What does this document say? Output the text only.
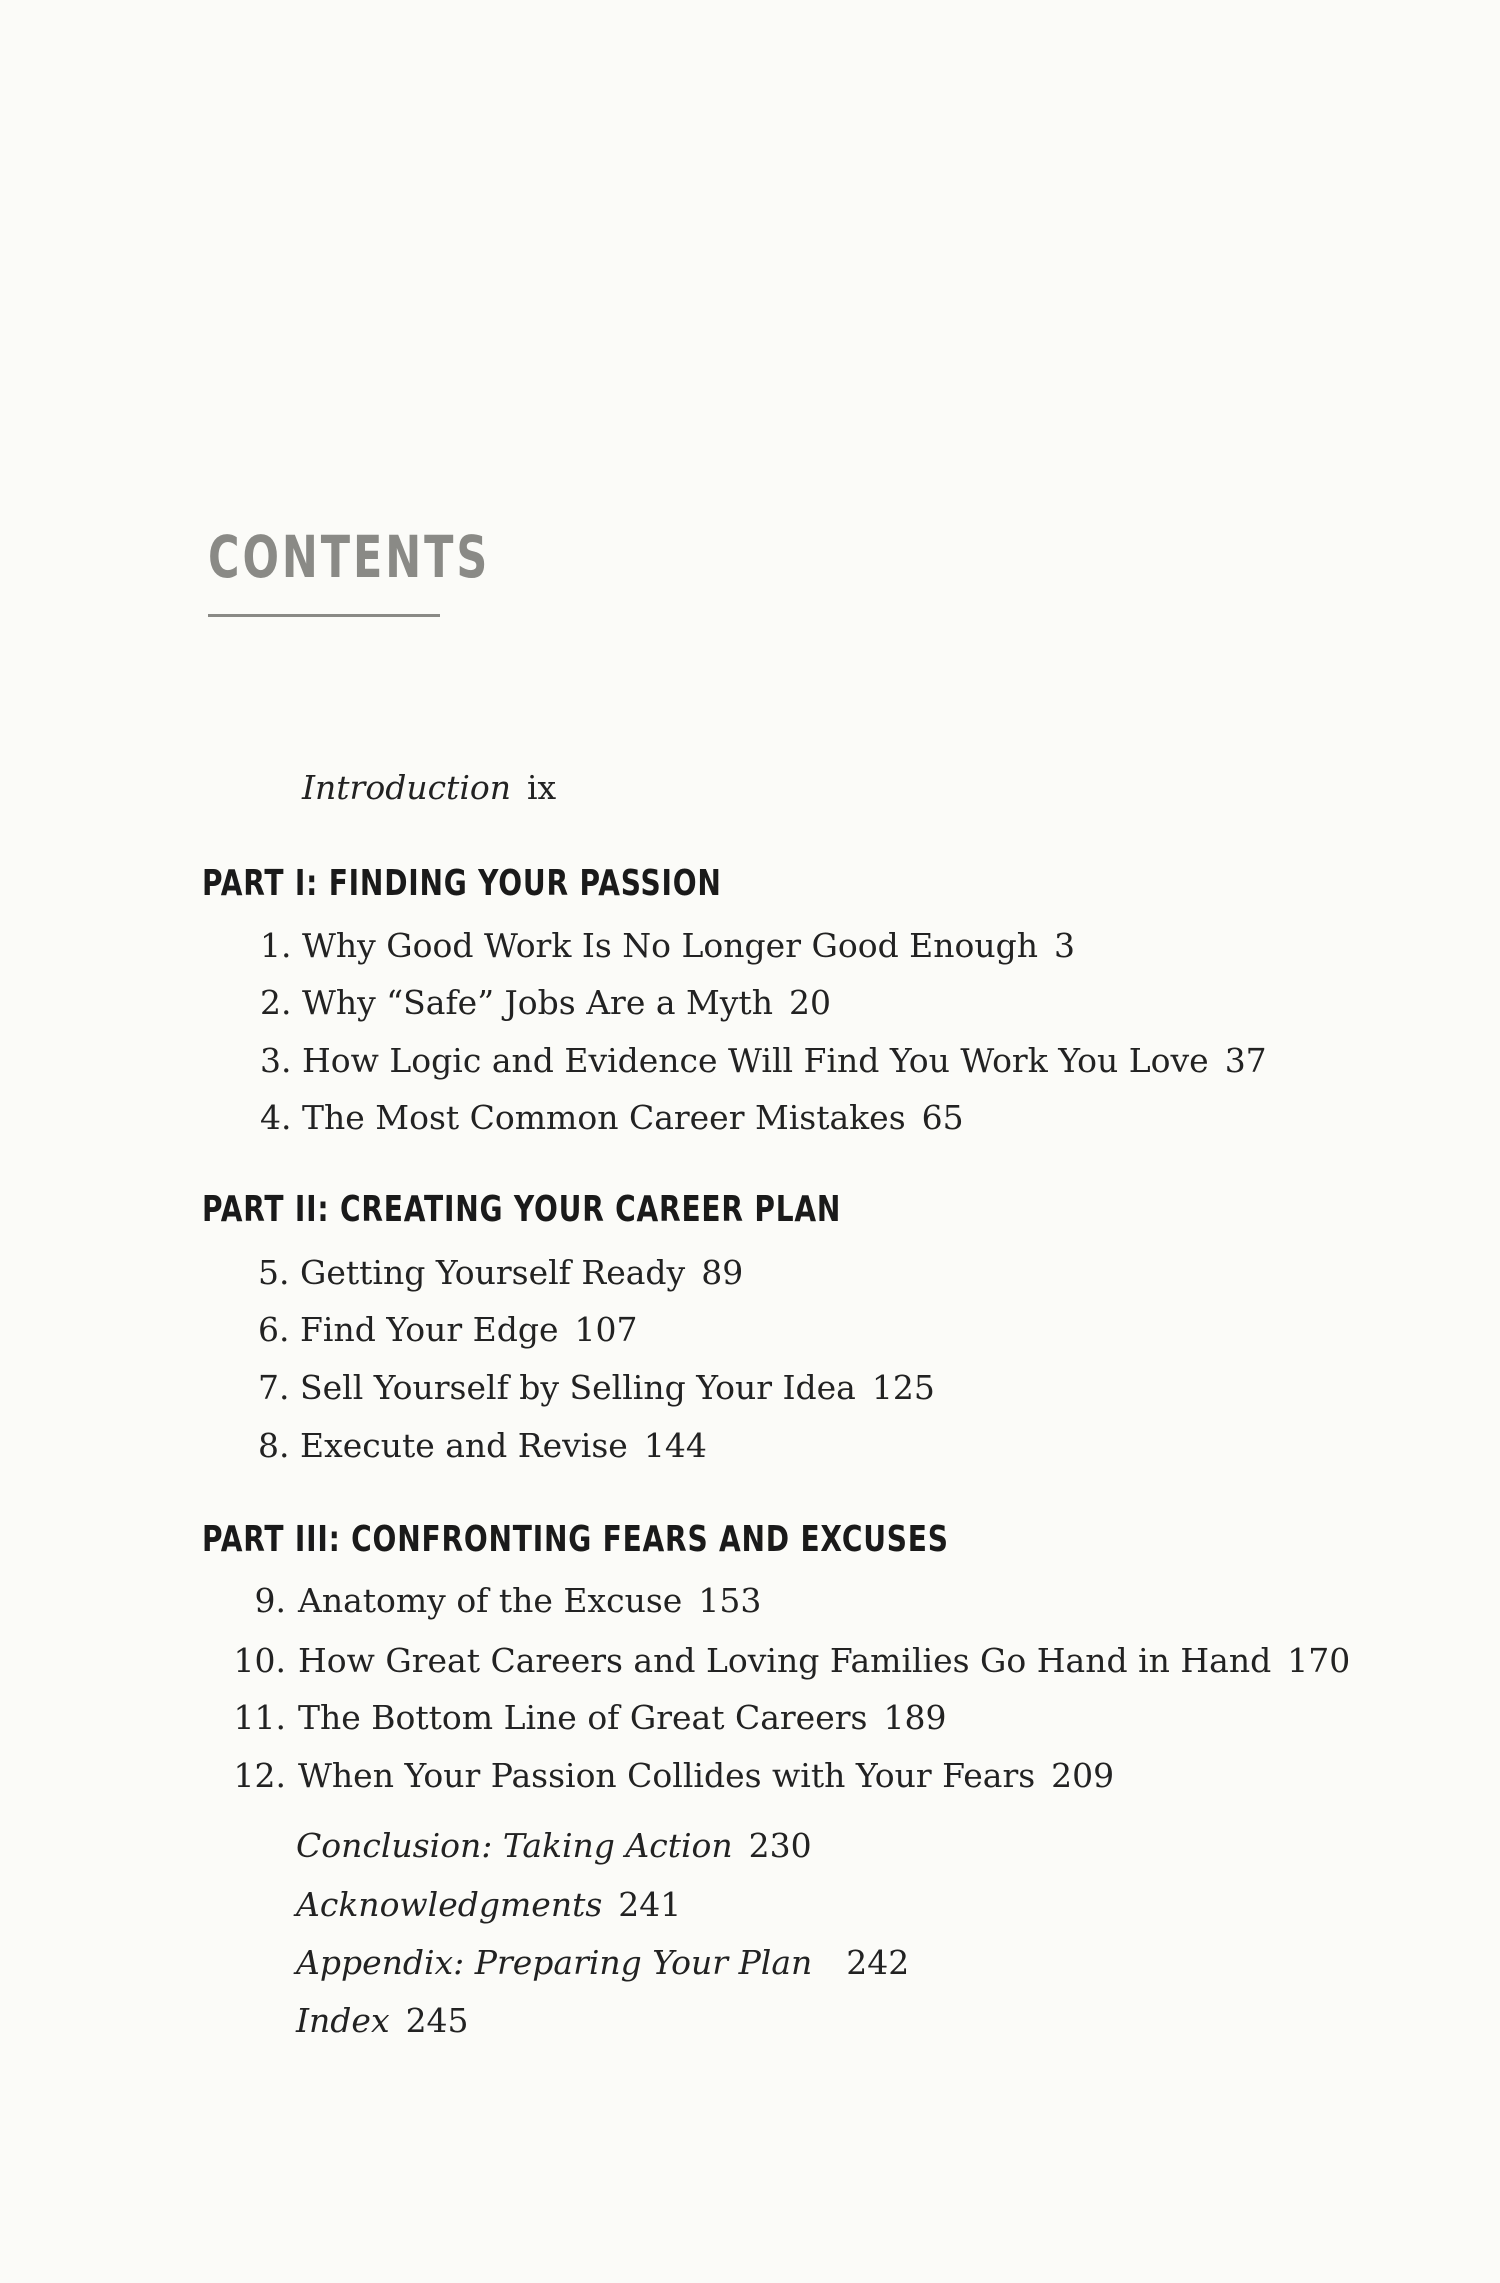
CONTENTS
Introduction ix
PART I: FINDING YOUR PASSION
1. Why Good Work Is No Longer Good Enough 3
2. Why “Safe” Jobs Are a Myth 20
3. How Logic and Evidence Will Find You Work You Love 37
4. The Most Common Career Mistakes 65
PART II: CREATING YOUR CAREER PLAN
5. Getting Yourself Ready 89
6. Find Your Edge 107
7. Sell Yourself by Selling Your Idea 125
8. Execute and Revise 144
PART III: CONFRONTING FEARS AND EXCUSES
9. Anatomy of the Excuse 153
10. How Great Careers and Loving Families Go Hand in Hand 170
11. The Bottom Line of Great Careers 189
12. When Your Passion Collides with Your Fears 209
Conclusion: Taking Action 230
Acknowledgments 241
Appendix: Preparing Your Plan 242
Index 245
